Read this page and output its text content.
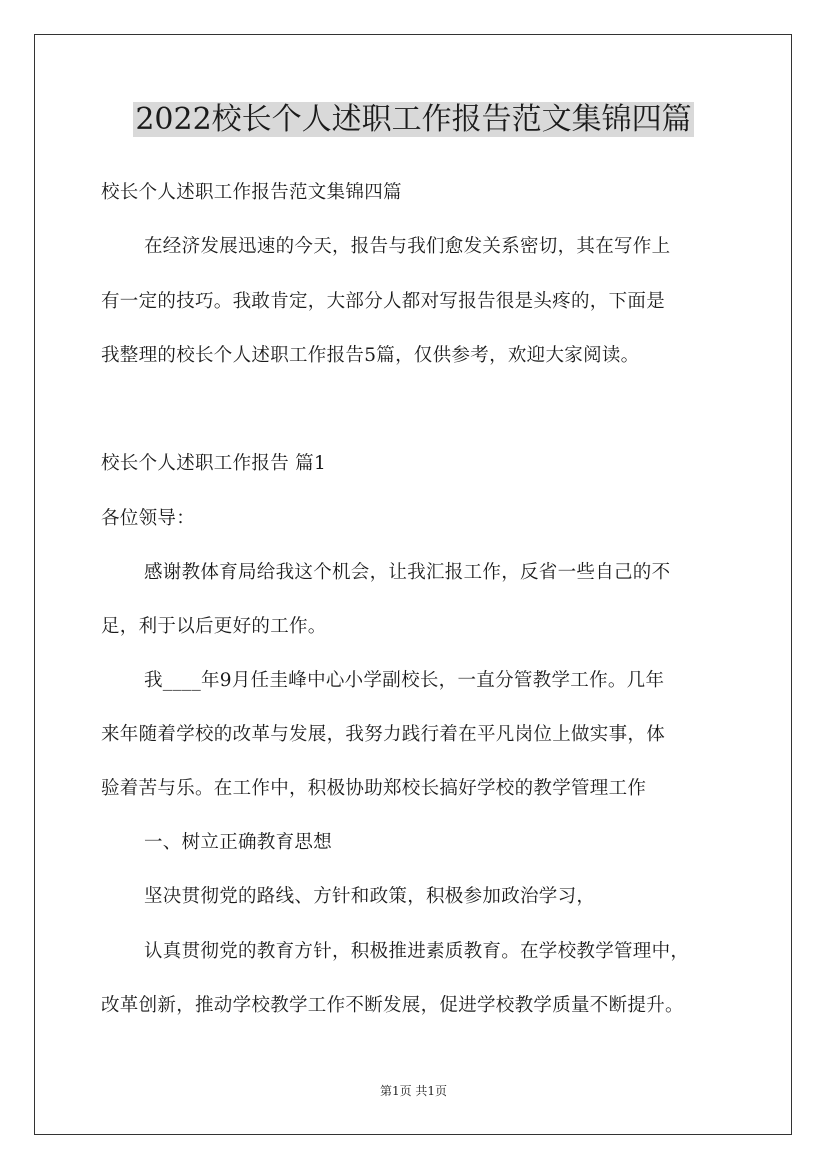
2022校长个人述职工作报告范文集锦四篇
校长个人述职工作报告范文集锦四篇
在经济发展迅速的今天，报告与我们愈发关系密切，其在写作上
有一定的技巧。我敢肯定，大部分人都对写报告很是头疼的，下面是
我整理的校长个人述职工作报告5篇，仅供参考，欢迎大家阅读。
校长个人述职工作报告 篇1
各位领导：
感谢教体育局给我这个机会，让我汇报工作，反省一些自己的不
足，利于以后更好的工作。
我____年9月任圭峰中心小学副校长，一直分管教学工作。几年
来年随着学校的改革与发展，我努力践行着在平凡岗位上做实事，体
验着苦与乐。在工作中，积极协助郑校长搞好学校的教学管理工作
一、树立正确教育思想
坚决贯彻党的路线、方针和政策，积极参加政治学习，
认真贯彻党的教育方针，积极推进素质教育。在学校教学管理中，
改革创新，推动学校教学工作不断发展，促进学校教学质量不断提升。
第1页 共1页
